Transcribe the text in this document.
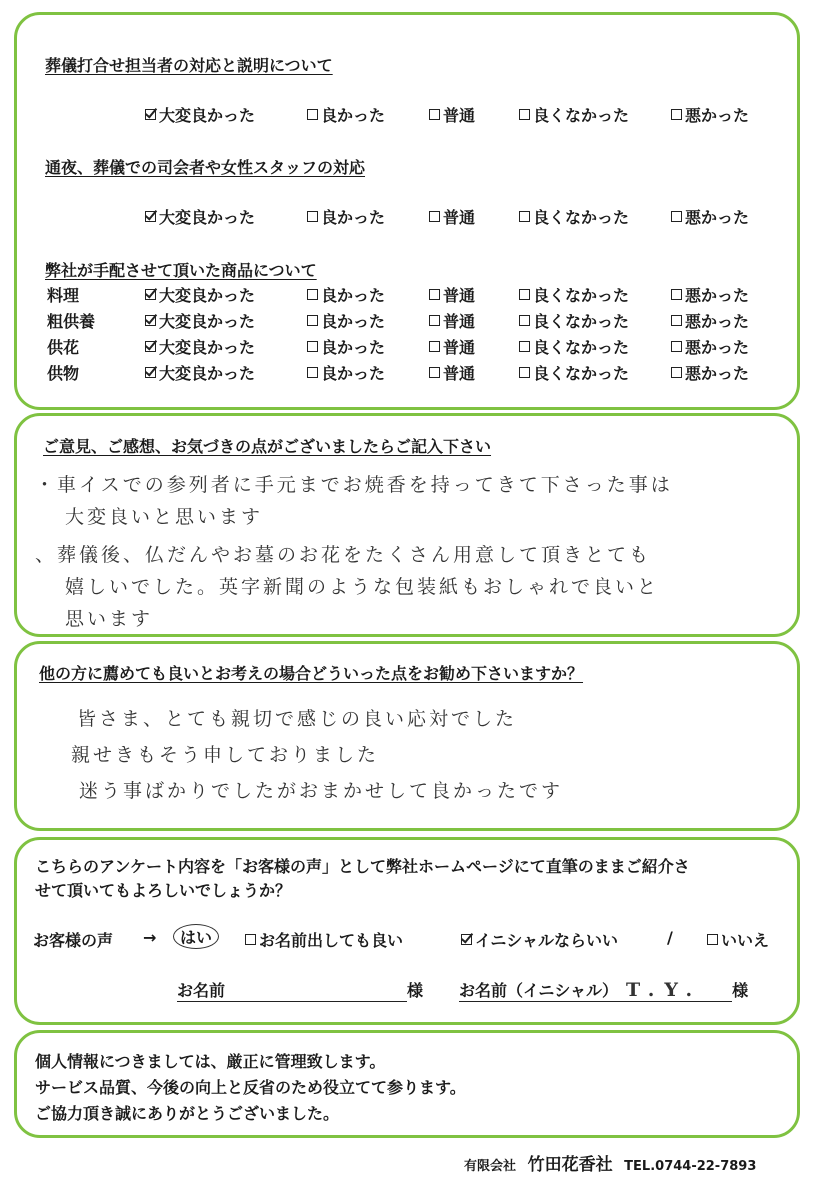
葬儀打合せ担当者の対応と説明について
大変良かった	良かった	普通	良くなかった	悪かった
通夜、葬儀での司会者や女性スタッフの対応
大変良かった	良かった	普通	良くなかった	悪かった
弊社が手配させて頂いた商品について
料理	大変良かった	良かった	普通	良くなかった	悪かった
粗供養	大変良かった	良かった	普通	良くなかった	悪かった
供花	大変良かった	良かった	普通	良くなかった	悪かった
供物	大変良かった	良かった	普通	良くなかった	悪かった
ご意見、ご感想、お気づきの点がございましたらご記入下さい
・車イスでの参列者に手元までお焼香を持ってきて下さった事は
大変良いと思います
、葬儀後、仏だんやお墓のお花をたくさん用意して頂きとても
嬉しいでした。英字新聞のような包装紙もおしゃれで良いと
思います
他の方に薦めても良いとお考えの場合どういった点をお勧め下さいますか？
皆さま、とても親切で感じの良い応対でした
親せきもそう申しておりました
迷う事ばかりでしたがおまかせして良かったです
こちらのアンケート内容を「お客様の声」として弊社ホームページにて直筆のままご紹介さ
せて頂いてもよろしいでしょうか？
お客様の声 →	はい	お名前出しても良い	イニシャルならいい	/	いいえ
お名前	様 お名前（イニシャル） T.Y. 様
個人情報につきましては、厳正に管理致します。
サービス品質、今後の向上と反省のため役立てて参ります。
ご協力頂き誠にありがとうございました。
有限会社 竹田花香社 TEL.0744-22-7893
